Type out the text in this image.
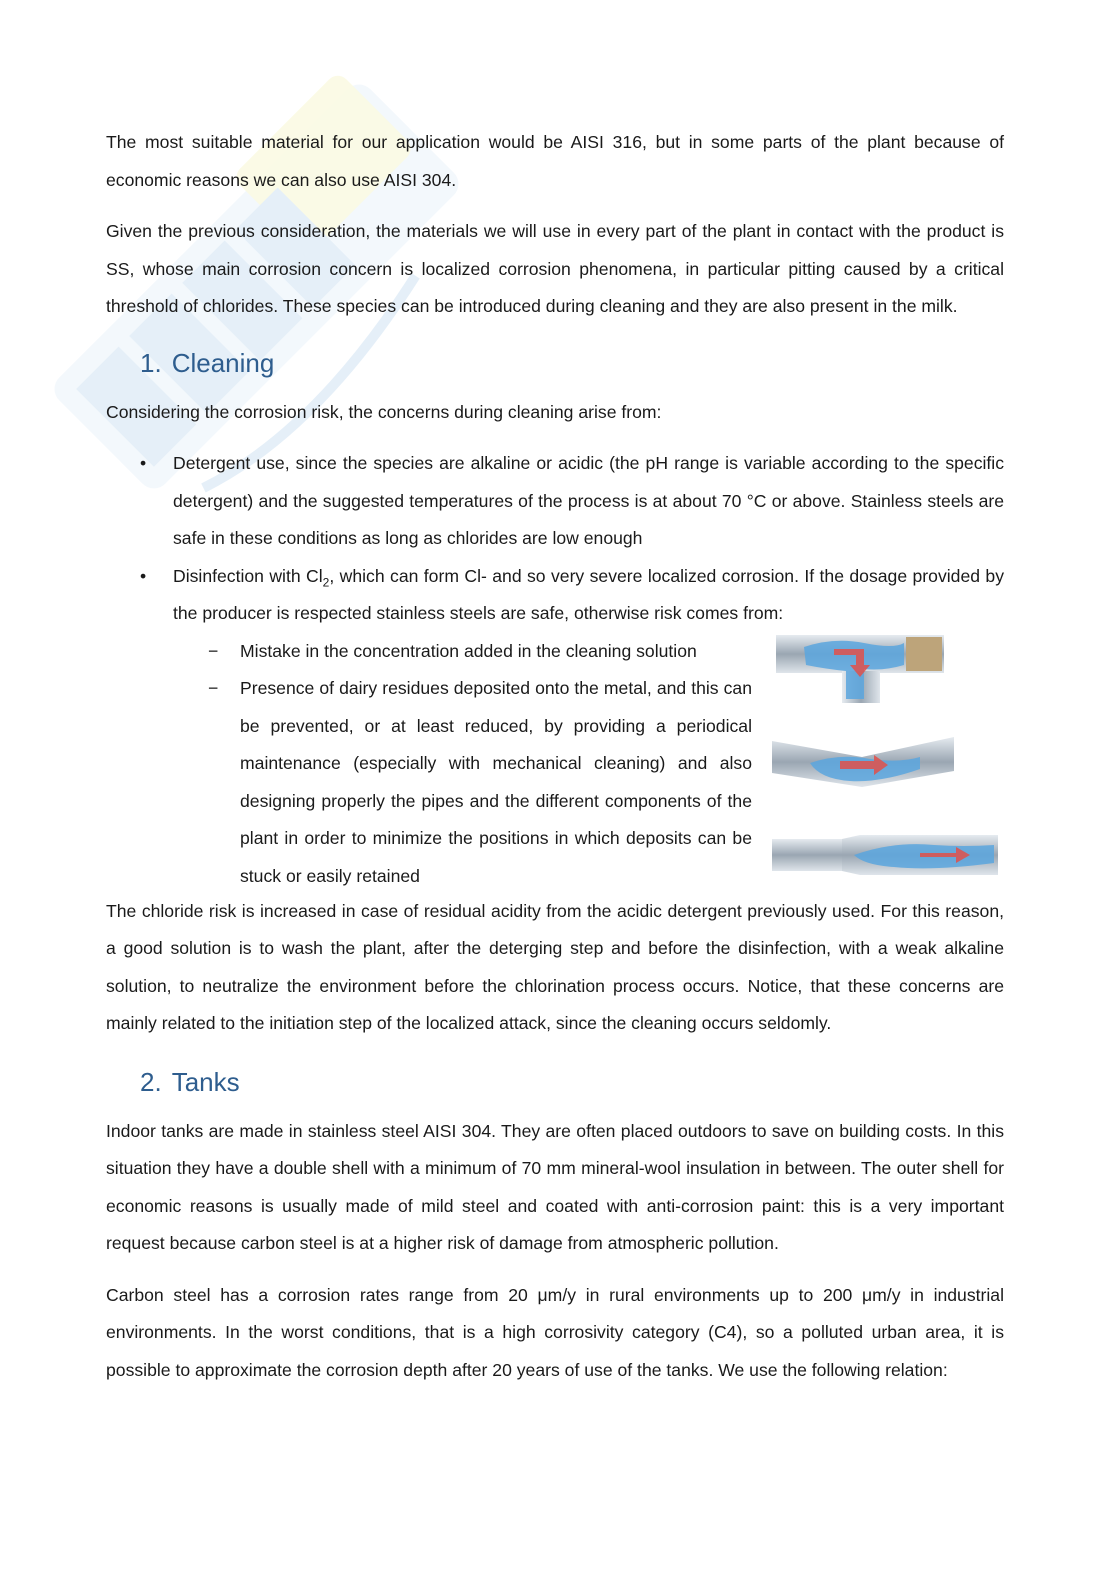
The most suitable material for our application would be AISI 316, but in some parts of the plant because of economic reasons we can also use AISI 304.

Given the previous consideration, the materials we will use in every part of the plant in contact with the product is SS, whose main corrosion concern is localized corrosion phenomena, in particular pitting caused by a critical threshold of chlorides. These species can be introduced during cleaning and they are also present in the milk.

1. Cleaning

Considering the corrosion risk, the concerns during cleaning arise from:

• Detergent use, since the species are alkaline or acidic (the pH range is variable according to the specific detergent) and the suggested temperatures of the process is at about 70 °C or above. Stainless steels are safe in these conditions as long as chlorides are low enough
• Disinfection with $Cl_2$, which can form Cl- and so very severe localized corrosion. If the dosage provided by the producer is respected stainless steels are safe, otherwise risk comes from:
− Mistake in the concentration added in the cleaning solution
− Presence of dairy residues deposited onto the metal, and this can be prevented, or at least reduced, by providing a periodical maintenance (especially with mechanical cleaning) and also designing properly the pipes and the different components of the plant in order to minimize the positions in which deposits can be stuck or easily retained

The chloride risk is increased in case of residual acidity from the acidic detergent previously used. For this reason, a good solution is to wash the plant, after the deterging step and before the disinfection, with a weak alkaline solution, to neutralize the environment before the chlorination process occurs. Notice, that these concerns are mainly related to the initiation step of the localized attack, since the cleaning occurs seldomly.

2. Tanks

Indoor tanks are made in stainless steel AISI 304. They are often placed outdoors to save on building costs. In this situation they have a double shell with a minimum of 70 mm mineral-wool insulation in between. The outer shell for economic reasons is usually made of mild steel and coated with anti-corrosion paint: this is a very important request because carbon steel is at a higher risk of damage from atmospheric pollution.

Carbon steel has a corrosion rates range from 20 μm/y in rural environments up to 200 μm/y in industrial environments. In the worst conditions, that is a high corrosivity category (C4), so a polluted urban area, it is possible to approximate the corrosion depth after 20 years of use of the tanks. We use the following relation:
